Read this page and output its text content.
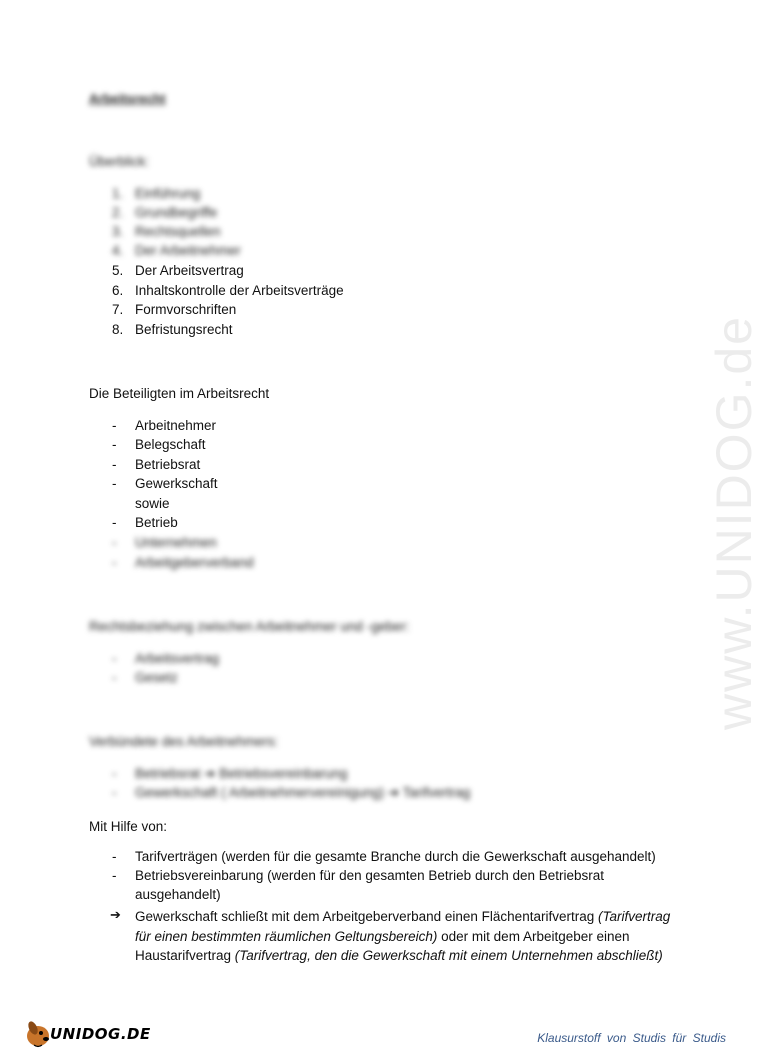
www.UNIDOG.de
Arbeitsrecht
Überblick:
1. Einführung
2. Grundbegriffe
3. Rechtsquellen
4. Der Arbeitnehmer
5. Der Arbeitsvertrag
6. Inhaltskontrolle der Arbeitsverträge
7. Formvorschriften
8. Befristungsrecht
Die Beteiligten im Arbeitsrecht
- Arbeitnehmer
- Belegschaft
- Betriebsrat
- Gewerkschaft
sowie
- Betrieb
- Unternehmen
- Arbeitgeberverband
Rechtsbeziehung zwischen Arbeitnehmer und -geber:
- Arbeitsvertrag
- Gesetz
Verbündete des Arbeitnehmers:
- Betriebsrat ➔ Betriebsvereinbarung
- Gewerkschaft ( Arbeitnehmervereinigung) ➔ Tarifvertrag
Mit Hilfe von:
- Tarifverträgen (werden für die gesamte Branche durch die Gewerkschaft ausgehandelt)
- Betriebsvereinbarung (werden für den gesamten Betrieb durch den Betriebsrat
ausgehandelt)
➔ Gewerkschaft schließt mit dem Arbeitgeberverband einen Flächentarifvertrag (Tarifvertrag für einen bestimmten räumlichen Geltungsbereich) oder mit dem Arbeitgeber einen Haustarifvertrag (Tarifvertrag, den die Gewerkschaft mit einem Unternehmen abschließt)
UNIDOG.DE	Klausurstoff von Studis für Studis
